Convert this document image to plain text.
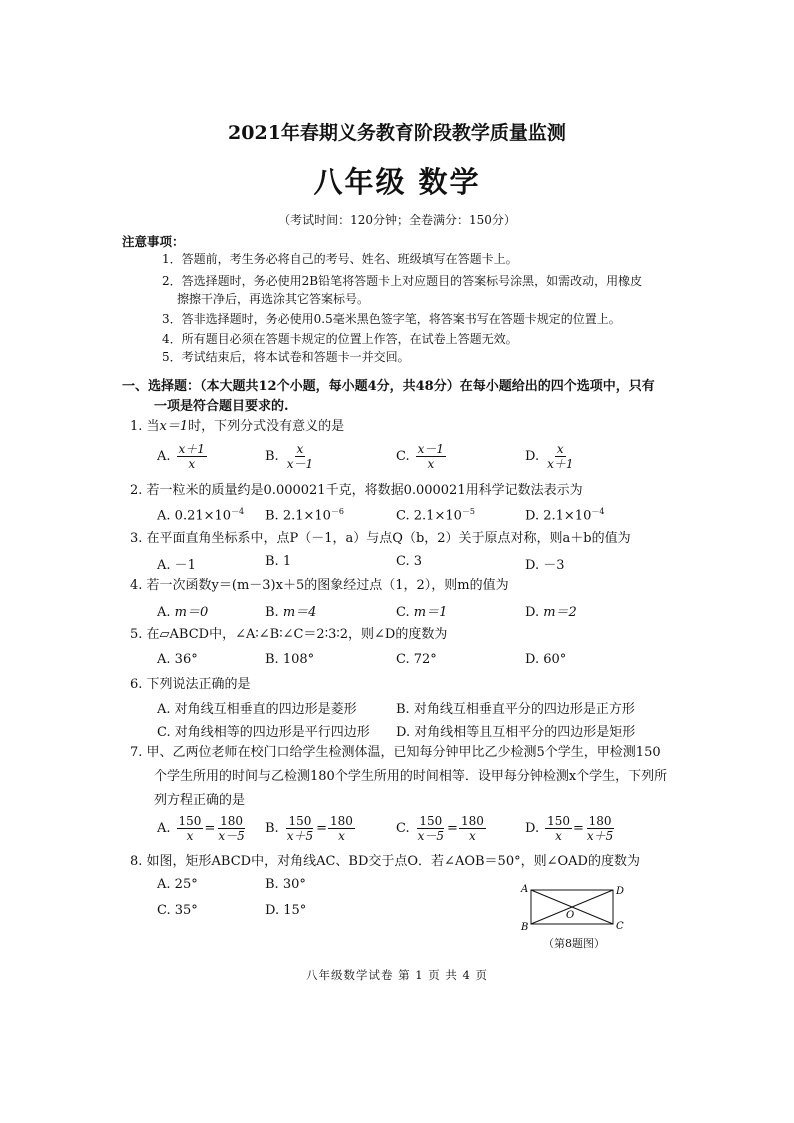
2021年春期义务教育阶段教学质量监测
八年级 数学
（考试时间：120分钟；全卷满分：150分）
注意事项：
1．答题前，考生务必将自己的考号、姓名、班级填写在答题卡上。
2．答选择题时，务必使用2B铅笔将答题卡上对应题目的答案标号涂黑，如需改动，用橡皮
擦擦干净后，再选涂其它答案标号。
3．答非选择题时，务必使用0.5毫米黑色签字笔，将答案书写在答题卡规定的位置上。
4．所有题目必须在答题卡规定的位置上作答，在试卷上答题无效。
5．考试结束后，将本试卷和答题卡一并交回。
一、选择题：（本大题共12个小题，每小题4分，共48分）在每小题给出的四个选项中，只有
一项是符合题目要求的.
1. 当x＝1时，下列分式没有意义的是
A. $\frac{x+1}{x}$	B. $\frac{x}{x-1}$	C. $\frac{x-1}{x}$	D. $\frac{x}{x+1}$
2. 若一粒米的质量约是0.000021千克，将数据0.000021用科学记数法表示为
A. $0.21\times 10^{-4}$ B. $2.1\times 10^{-6}$	C. $2.1\times 10^{-5}$	D. $2.1\times 10^{-4}$
3. 在平面直角坐标系中，点P（－1，a）与点Q（b，2）关于原点对称，则a＋b的值为
A. －1	B. 1	C. 3	D. －3
4. 若一次函数y＝(m－3)x＋5的图象经过点（1，2），则m的值为
A. m＝0	B. m＝4	C. m＝1	D. m＝2
5. 在▱ABCD中，∠A∶∠B∶∠C＝2∶3∶2，则∠D的度数为
A. 36°	B. 108°	C. 72°	D. 60°
6. 下列说法正确的是
A. 对角线互相垂直的四边形是菱形	B. 对角线互相垂直平分的四边形是正方形
C. 对角线相等的四边形是平行四边形 D. 对角线相等且互相平分的四边形是矩形
7. 甲、乙两位老师在校门口给学生检测体温，已知每分钟甲比乙少检测5个学生，甲检测150
个学生所用的时间与乙检测180个学生所用的时间相等．设甲每分钟检测x个学生，下列所
列方程正确的是
A. $\frac{150}{x} = \frac{180}{x-5} B$. $\frac{150}{x+5} = \frac{180}{x}$	C. $\frac{150}{x-5} = \frac{180}{x}$	D. $\frac{150}{x} = \frac{180}{x+5}$
8. 如图，矩形ABCD中，对角线AC、BD交于点O．若∠AOB＝50°，则∠OAD的度数为
A. 25°	B. 30°
C. 35°	D. 15°
A	D
B	C
O
（第8题图）
八年级数学试卷 第 1 页 共 4 页
